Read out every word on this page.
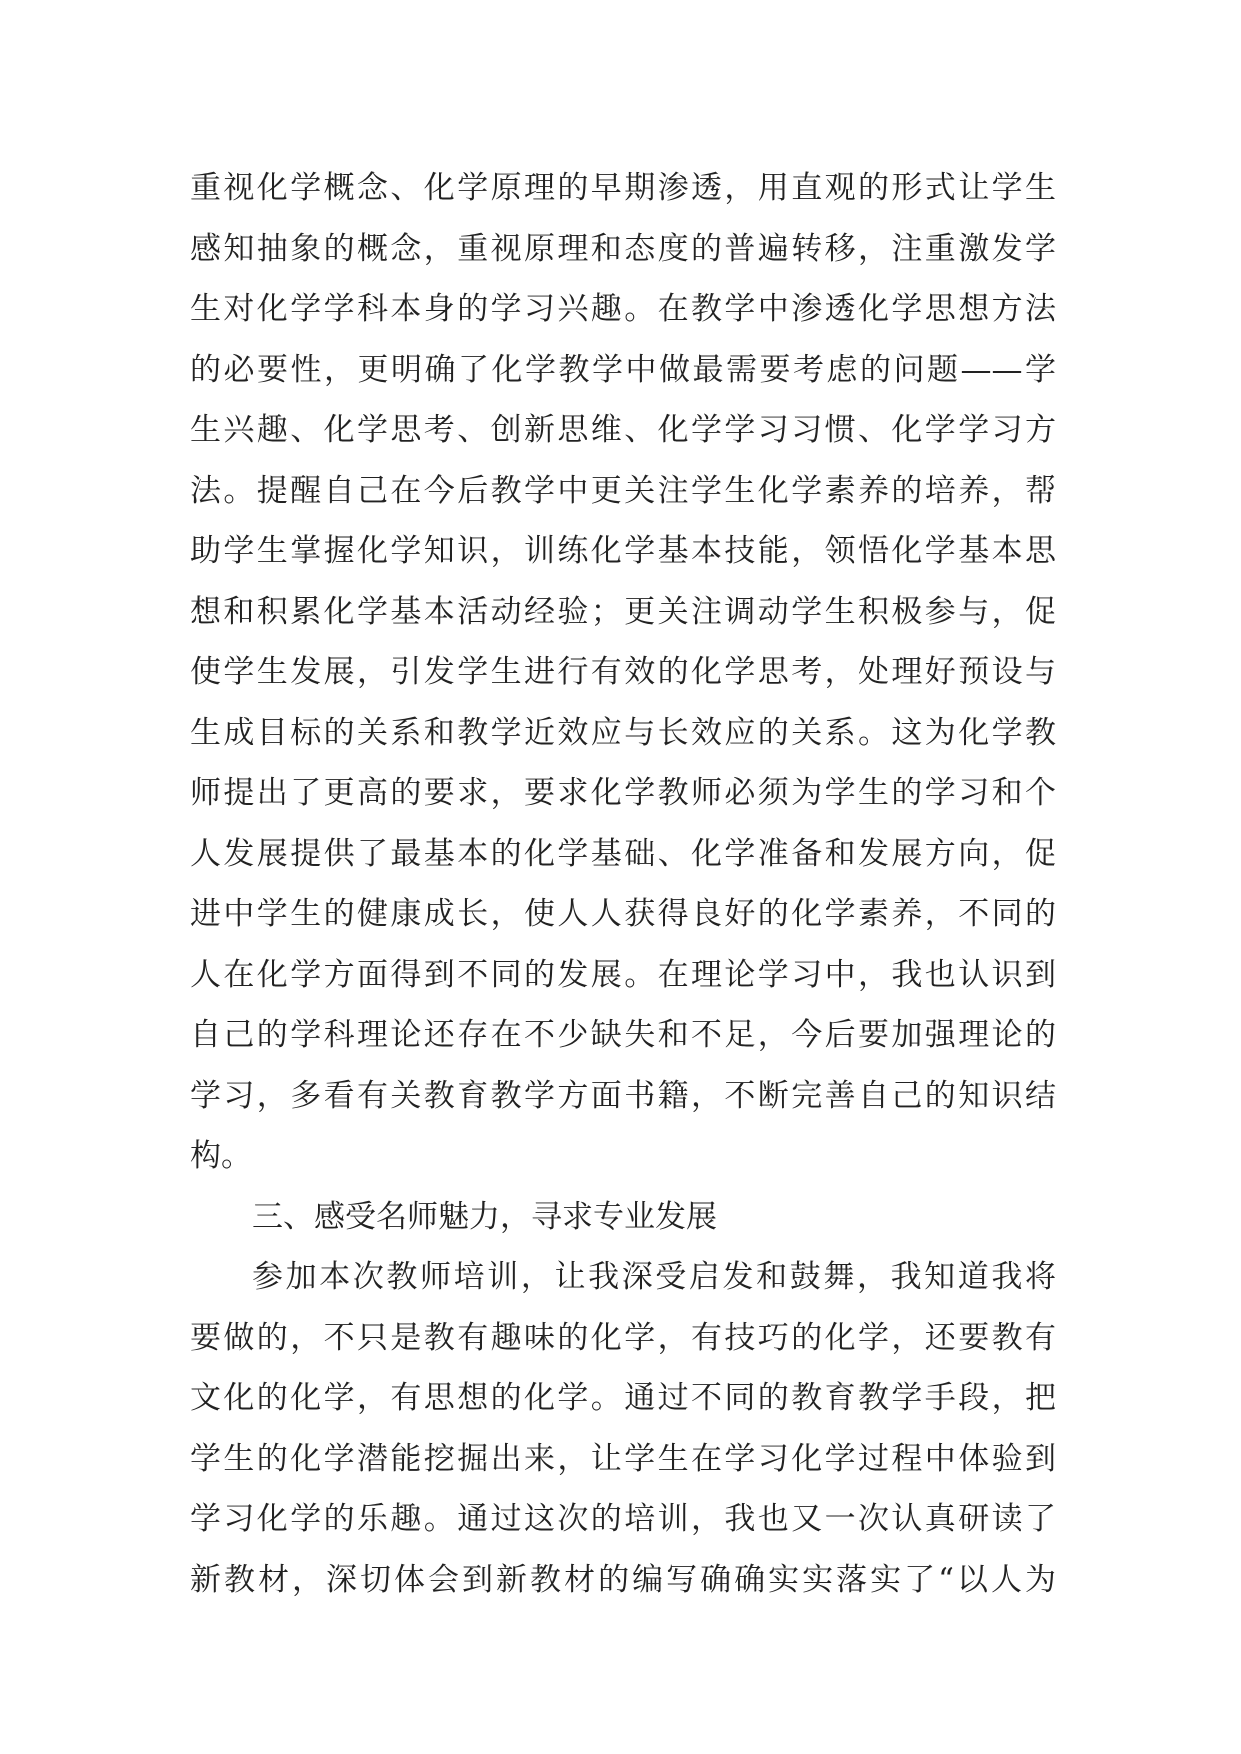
重视化学概念、化学原理的早期渗透，用直观的形式让学生
感知抽象的概念，重视原理和态度的普遍转移，注重激发学
生对化学学科本身的学习兴趣。在教学中渗透化学思想方法
的必要性，更明确了化学教学中做最需要考虑的问题——学
生兴趣、化学思考、创新思维、化学学习习惯、化学学习方
法。提醒自己在今后教学中更关注学生化学素养的培养，帮
助学生掌握化学知识，训练化学基本技能，领悟化学基本思
想和积累化学基本活动经验；更关注调动学生积极参与，促
使学生发展，引发学生进行有效的化学思考，处理好预设与
生成目标的关系和教学近效应与长效应的关系。这为化学教
师提出了更高的要求，要求化学教师必须为学生的学习和个
人发展提供了最基本的化学基础、化学准备和发展方向，促
进中学生的健康成长，使人人获得良好的化学素养，不同的
人在化学方面得到不同的发展。在理论学习中，我也认识到
自己的学科理论还存在不少缺失和不足，今后要加强理论的
学习，多看有关教育教学方面书籍，不断完善自己的知识结
构。
三、感受名师魅力，寻求专业发展
参加本次教师培训，让我深受启发和鼓舞，我知道我将
要做的，不只是教有趣味的化学，有技巧的化学，还要教有
文化的化学，有思想的化学。通过不同的教育教学手段，把
学生的化学潜能挖掘出来，让学生在学习化学过程中体验到
学习化学的乐趣。通过这次的培训，我也又一次认真研读了
新教材，深切体会到新教材的编写确确实实落实了“以人为
